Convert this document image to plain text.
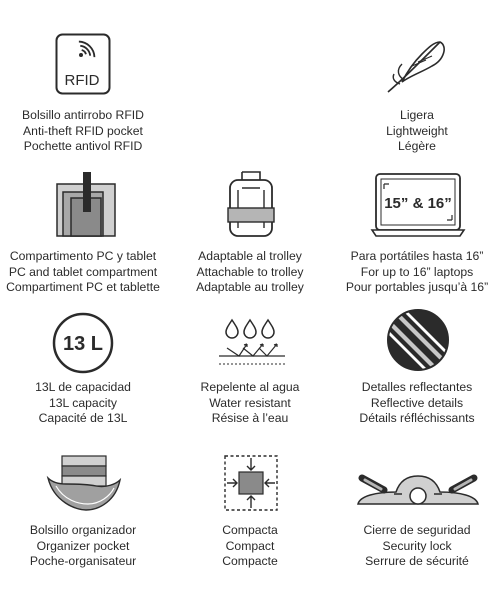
RFID
Bolsillo antirrobo RFID
Anti-theft RFID pocket
Pochette antivol RFID
Ligera
Lightweight
Légère
Compartimento PC y tablet
PC and tablet compartment
Compartiment PC et tablette
Adaptable al trolley
Attachable to trolley
Adaptable au trolley
15” & 16”
Para portátiles hasta 16”
For up to 16” laptops
Pour portables jusqu’à 16”
13 L
13L de capacidad
13L capacity
Capacité de 13L
Repelente al agua
Water resistant
Résise à l’eau
Detalles reflectantes
Reflective details
Détails réfléchissants
Bolsillo organizador
Organizer pocket
Poche-organisateur
Compacta
Compact
Compacte
Cierre de seguridad
Security lock
Serrure de sécurité
